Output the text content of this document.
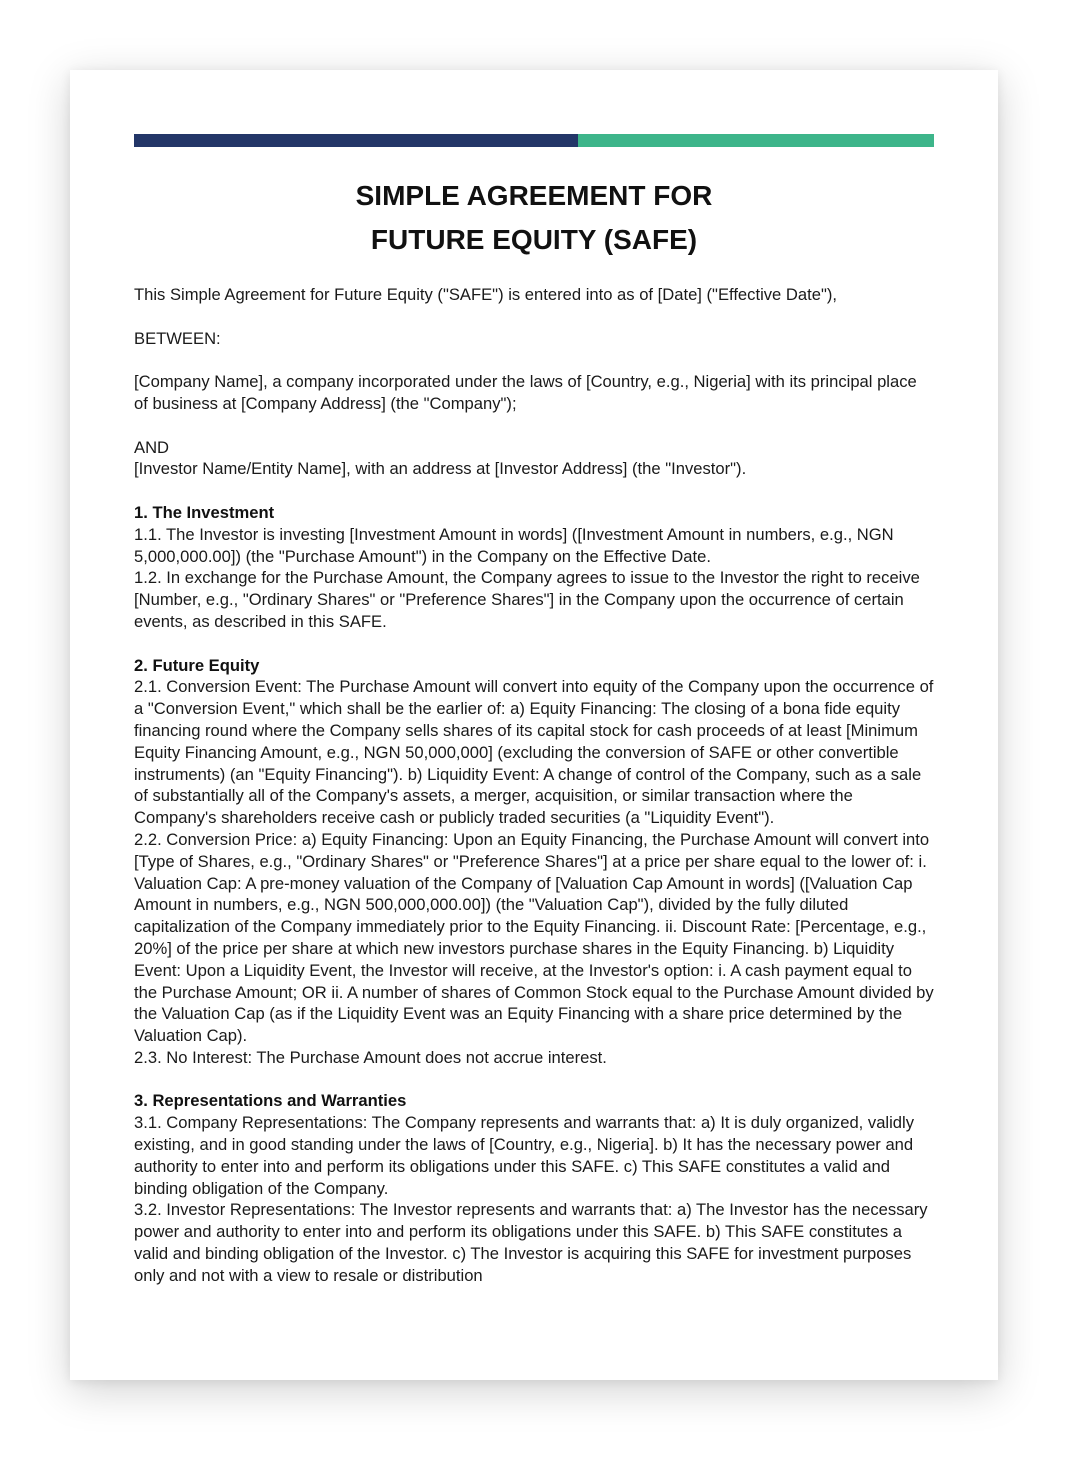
SIMPLE AGREEMENT FOR
FUTURE EQUITY (SAFE)

This Simple Agreement for Future Equity ("SAFE") is entered into as of [Date] ("Effective Date"),

BETWEEN:

[Company Name], a company incorporated under the laws of [Country, e.g., Nigeria] with its principal place of business at [Company Address] (the "Company");

AND

[Investor Name/Entity Name], with an address at [Investor Address] (the "Investor").

1. The Investment

1.1. The Investor is investing [Investment Amount in words] ([Investment Amount in numbers, e.g., NGN 5,000,000.00]) (the "Purchase Amount") in the Company on the Effective Date.

1.2. In exchange for the Purchase Amount, the Company agrees to issue to the Investor the right to receive [Number, e.g., "Ordinary Shares" or "Preference Shares"] in the Company upon the occurrence of certain events, as described in this SAFE.

2. Future Equity

2.1. Conversion Event: The Purchase Amount will convert into equity of the Company upon the occurrence of a "Conversion Event," which shall be the earlier of: a) Equity Financing: The closing of a bona fide equity financing round where the Company sells shares of its capital stock for cash proceeds of at least [Minimum Equity Financing Amount, e.g., NGN 50,000,000] (excluding the conversion of SAFE or other convertible instruments) (an "Equity Financing"). b) Liquidity Event: A change of control of the Company, such as a sale of substantially all of the Company's assets, a merger, acquisition, or similar transaction where the Company's shareholders receive cash or publicly traded securities (a "Liquidity Event").

2.2. Conversion Price: a) Equity Financing: Upon an Equity Financing, the Purchase Amount will convert into [Type of Shares, e.g., "Ordinary Shares" or "Preference Shares"] at a price per share equal to the lower of: i. Valuation Cap: A pre-money valuation of the Company of [Valuation Cap Amount in words] ([Valuation Cap Amount in numbers, e.g., NGN 500,000,000.00]) (the "Valuation Cap"), divided by the fully diluted capitalization of the Company immediately prior to the Equity Financing. ii. Discount Rate: [Percentage, e.g., 20%] of the price per share at which new investors purchase shares in the Equity Financing. b) Liquidity Event: Upon a Liquidity Event, the Investor will receive, at the Investor's option: i. A cash payment equal to the Purchase Amount; OR ii. A number of shares of Common Stock equal to the Purchase Amount divided by the Valuation Cap (as if the Liquidity Event was an Equity Financing with a share price determined by the Valuation Cap).

2.3. No Interest: The Purchase Amount does not accrue interest.

3. Representations and Warranties

3.1. Company Representations: The Company represents and warrants that: a) It is duly organized, validly existing, and in good standing under the laws of [Country, e.g., Nigeria]. b) It has the necessary power and authority to enter into and perform its obligations under this SAFE. c) This SAFE constitutes a valid and binding obligation of the Company.

3.2. Investor Representations: The Investor represents and warrants that: a) The Investor has the necessary power and authority to enter into and perform its obligations under this SAFE. b) This SAFE constitutes a valid and binding obligation of the Investor. c) The Investor is acquiring this SAFE for investment purposes only and not with a view to resale or distribution
